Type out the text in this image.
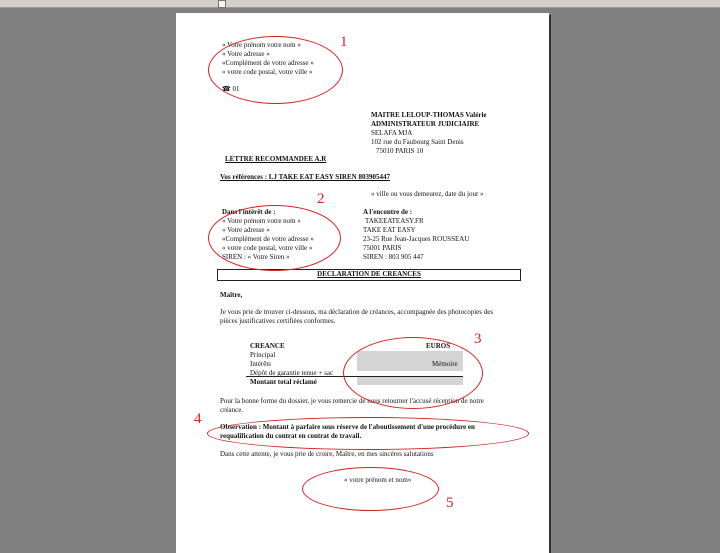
« Votre prénom votre nom »
« Votre adresse »
«Complément de votre adresse »
« votre code postal, votre ville »
☎ 01
MAITRE LELOUP-THOMAS Valérie
ADMINISTRATEUR JUDICIAIRE
SELAFA MJA
102 rue du Faubourg Saint Denis
75010 PARIS 10
LETTRE RECOMMANDEE A.R
Vos références : LJ TAKE EAT EASY SIREN 803905447
« ville ou vous demeurez, date du jour »
Dans l'intérêt de :
« Votre prénom votre nom »
« Votre adresse »
«Complément de votre adresse »
« votre code postal, votre ville »
SIREN : « Votre Siren »
A l'encontre de :
TAKEEATEASY.FR
TAKE EAT EASY
23-25 Rue Jean-Jacques ROUSSEAU
75001 PARIS
SIREN : 803 905 447
DECLARATION DE CREANCES
Maître,
Je vous prie de trouver ci-dessous, ma déclaration de créances, accompagnée des photocopies des
pièces justificatives certifiées conformes.
CREANCE	EUROS
Principal
Intérêts
Dépôt de garantie tenue + sac
Mémoire
Montant total réclamé
Pour la bonne forme du dossier, je vous remercie de nous retourner l'accusé réception de notre
créance.
Observation : Montant à parfaire sous réserve de l'aboutissement d'une procédure en
requalification du contrat en contrat de travail.
Dans cette attente, je vous prie de croire, Maître, en mes sincères salutations
« votre prénom et nom»
1
2
3
4
5
